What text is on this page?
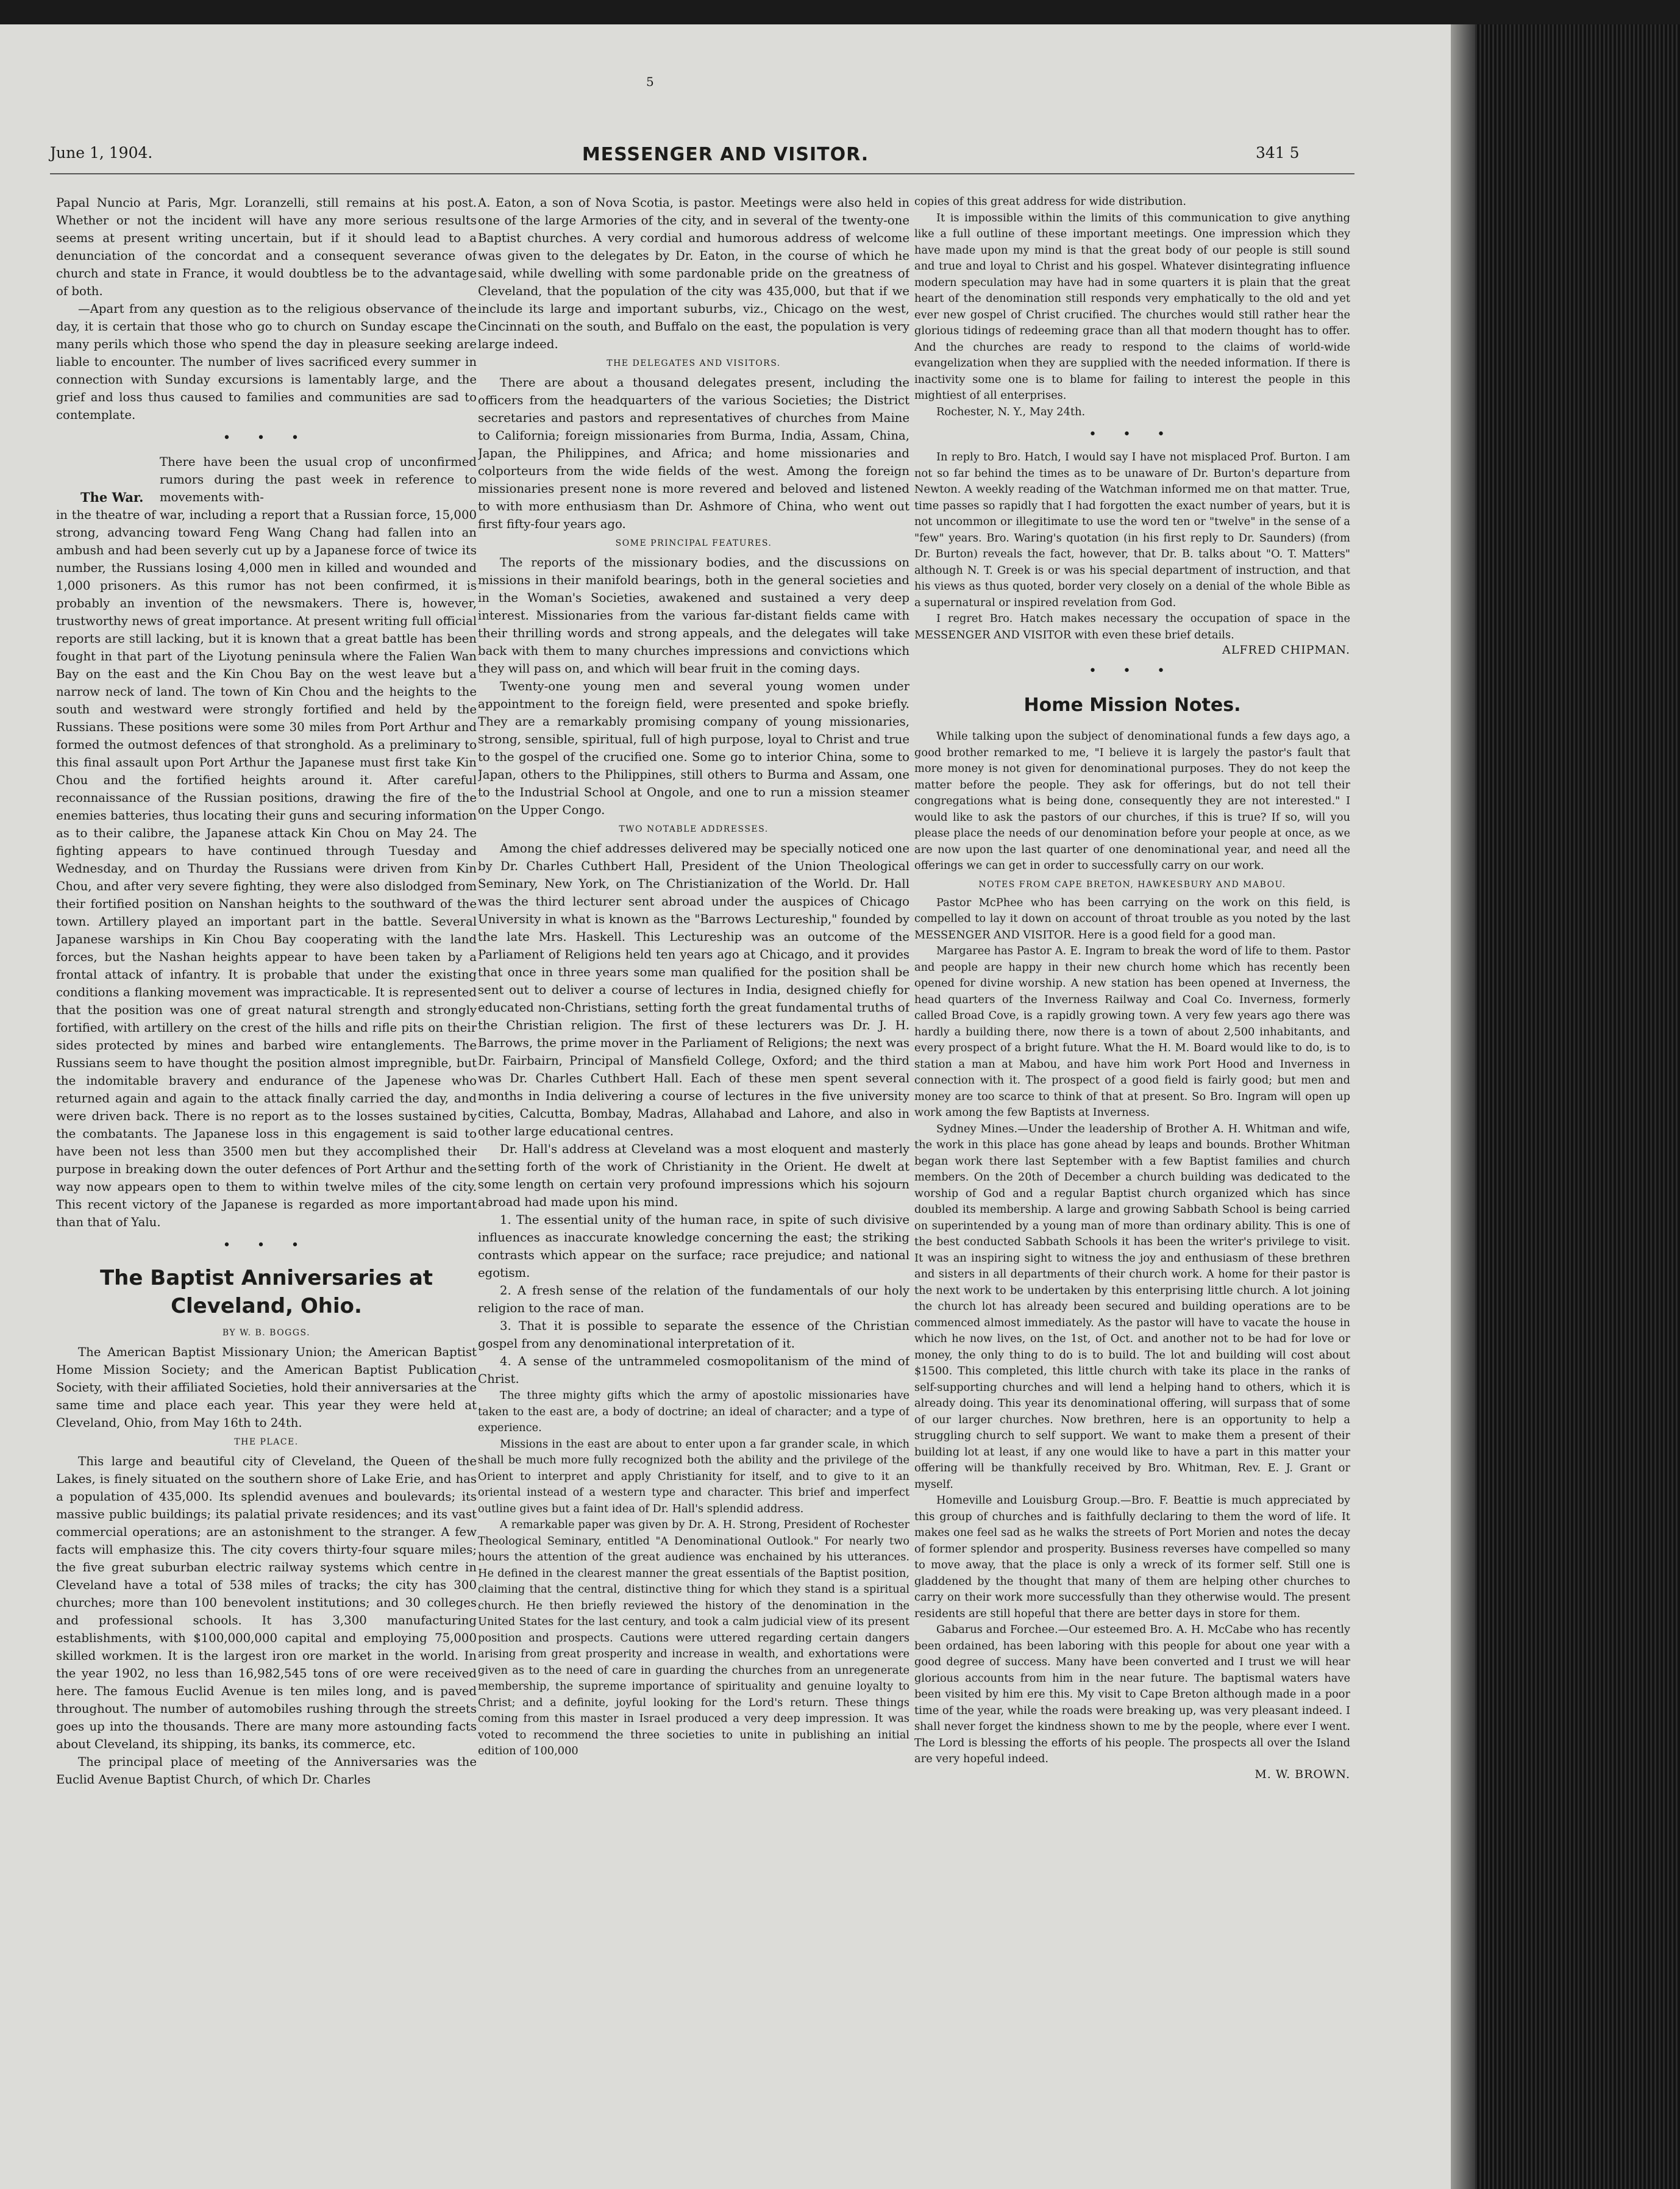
5
June 1, 1904.	MESSENGER AND VISITOR.	341 5

Papal Nuncio at Paris, Mgr. Loranzelli, still remains at his post. Whether or not the incident will have any more serious results seems at present writing uncertain, but if it should lead to a denunciation of the concordat and a consequent severance of church and state in France, it would doubtless be to the advantage of both.

—Apart from any question as to the religious observance of the day, it is certain that those who go to church on Sunday escape the many perils which those who spend the day in pleasure seeking are liable to encounter. The number of lives sacrificed every summer in connection with Sunday excursions is lamentably large, and the grief and loss thus caused to families and communities are sad to contemplate.

• • •
The War.

There have been the usual crop of unconfirmed rumors during the past week in reference to movements with-

in the theatre of war, including a report that a Russian force, 15,000 strong, advancing toward Feng Wang Chang had fallen into an ambush and had been severly cut up by a Japanese force of twice its number, the Russians losing 4,000 men in killed and wounded and 1,000 prisoners. As this rumor has not been confirmed, it is probably an invention of the newsmakers. There is, however, trustworthy news of great importance. At present writing full official reports are still lacking, but it is known that a great battle has been fought in that part of the Liyotung peninsula where the Falien Wan Bay on the east and the Kin Chou Bay on the west leave but a narrow neck of land. The town of Kin Chou and the heights to the south and westward were strongly fortified and held by the Russians. These positions were some 30 miles from Port Arthur and formed the outmost defences of that stronghold. As a preliminary to this final assault upon Port Arthur the Japanese must first take Kin Chou and the fortified heights around it. After careful reconnaissance of the Russian positions, drawing the fire of the enemies batteries, thus locating their guns and securing information as to their calibre, the Japanese attack Kin Chou on May 24. The fighting appears to have continued through Tuesday and Wednesday, and on Thurday the Russians were driven from Kin Chou, and after very severe fighting, they were also dislodged from their fortified position on Nanshan heights to the southward of the town. Artillery played an important part in the battle. Several Japanese warships in Kin Chou Bay cooperating with the land forces, but the Nashan heights appear to have been taken by a frontal attack of infantry. It is probable that under the existing conditions a flanking movement was impracticable. It is represented that the position was one of great natural strength and strongly fortified, with artillery on the crest of the hills and rifle pits on their sides protected by mines and barbed wire entanglements. The Russians seem to have thought the position almost impregnible, but the indomitable bravery and endurance of the Japenese who returned again and again to the attack finally carried the day, and were driven back. There is no report as to the losses sustained by the combatants. The Japanese loss in this engagement is said to have been not less than 3500 men but they accomplished their purpose in breaking down the outer defences of Port Arthur and the way now appears open to them to within twelve miles of the city. This recent victory of the Japanese is regarded as more important than that of Yalu.

• • •
The Baptist Anniversaries at Cleveland, Ohio.
BY W. B. BOGGS.

The American Baptist Missionary Union; the American Baptist Home Mission Society; and the American Baptist Publication Society, with their affiliated Societies, hold their anniversaries at the same time and place each year. This year they were held at Cleveland, Ohio, from May 16th to 24th.

THE PLACE.

This large and beautiful city of Cleveland, the Queen of the Lakes, is finely situated on the southern shore of Lake Erie, and has a population of 435,000. Its splendid avenues and boulevards; its massive public buildings; its palatial private residences; and its vast commercial operations; are an astonishment to the stranger. A few facts will emphasize this. The city covers thirty-four square miles; the five great suburban electric railway systems which centre in Cleveland have a total of 538 miles of tracks; the city has 300 churches; more than 100 benevolent institutions; and 30 colleges and professional schools. It has 3,300 manufacturing establishments, with $100,000,000 capital and employing 75,000 skilled workmen. It is the largest iron ore market in the world. In the year 1902, no less than 16,982,545 tons of ore were received here. The famous Euclid Avenue is ten miles long, and is paved throughout. The number of automobiles rushing through the streets goes up into the thousands. There are many more astounding facts about Cleveland, its shipping, its banks, its commerce, etc.

The principal place of meeting of the Anniversaries was the Euclid Avenue Baptist Church, of which Dr. Charles

A. Eaton, a son of Nova Scotia, is pastor. Meetings were also held in one of the large Armories of the city, and in several of the twenty-one Baptist churches. A very cordial and humorous address of welcome was given to the delegates by Dr. Eaton, in the course of which he said, while dwelling with some pardonable pride on the greatness of Cleveland, that the population of the city was 435,000, but that if we include its large and important suburbs, viz., Chicago on the west, Cincinnati on the south, and Buffalo on the east, the population is very large indeed.

THE DELEGATES AND VISITORS.

There are about a thousand delegates present, including the officers from the headquarters of the various Societies; the District secretaries and pastors and representatives of churches from Maine to California; foreign missionaries from Burma, India, Assam, China, Japan, the Philippines, and Africa; and home missionaries and colporteurs from the wide fields of the west. Among the foreign missionaries present none is more revered and beloved and listened to with more enthusiasm than Dr. Ashmore of China, who went out first fifty-four years ago.

SOME PRINCIPAL FEATURES.

The reports of the missionary bodies, and the discussions on missions in their manifold bearings, both in the general societies and in the Woman's Societies, awakened and sustained a very deep interest. Missionaries from the various far-distant fields came with their thrilling words and strong appeals, and the delegates will take back with them to many churches impressions and convictions which they will pass on, and which will bear fruit in the coming days.

Twenty-one young men and several young women under appointment to the foreign field, were presented and spoke briefly. They are a remarkably promising company of young missionaries, strong, sensible, spiritual, full of high purpose, loyal to Christ and true to the gospel of the crucified one. Some go to interior China, some to Japan, others to the Philippines, still others to Burma and Assam, one to the Industrial School at Ongole, and one to run a mission steamer on the Upper Congo.

TWO NOTABLE ADDRESSES.

Among the chief addresses delivered may be specially noticed one by Dr. Charles Cuthbert Hall, President of the Union Theological Seminary, New York, on The Christianization of the World. Dr. Hall was the third lecturer sent abroad under the auspices of Chicago University in what is known as the "Barrows Lectureship," founded by the late Mrs. Haskell. This Lectureship was an outcome of the Parliament of Religions held ten years ago at Chicago, and it provides that once in three years some man qualified for the position shall be sent out to deliver a course of lectures in India, designed chiefly for educated non-Christians, setting forth the great fundamental truths of the Christian religion. The first of these lecturers was Dr. J. H. Barrows, the prime mover in the Parliament of Religions; the next was Dr. Fairbairn, Principal of Mansfield College, Oxford; and the third was Dr. Charles Cuthbert Hall. Each of these men spent several months in India delivering a course of lectures in the five university cities, Calcutta, Bombay, Madras, Allahabad and Lahore, and also in other large educational centres.

Dr. Hall's address at Cleveland was a most eloquent and masterly setting forth of the work of Christianity in the Orient. He dwelt at some length on certain very profound impressions which his sojourn abroad had made upon his mind.

1. The essential unity of the human race, in spite of such divisive influences as inaccurate knowledge concerning the east; the striking contrasts which appear on the surface; race prejudice; and national egotism.

2. A fresh sense of the relation of the fundamentals of our holy religion to the race of man.

3. That it is possible to separate the essence of the Christian gospel from any denominational interpretation of it.

4. A sense of the untrammeled cosmopolitanism of the mind of Christ.

The three mighty gifts which the army of apostolic missionaries have taken to the east are, a body of doctrine; an ideal of character; and a type of experience.

Missions in the east are about to enter upon a far grander scale, in which shall be much more fully recognized both the ability and the privilege of the Orient to interpret and apply Christianity for itself, and to give to it an oriental instead of a western type and character. This brief and imperfect outline gives but a faint idea of Dr. Hall's splendid address.

A remarkable paper was given by Dr. A. H. Strong, President of Rochester Theological Seminary, entitled "A Denominational Outlook." For nearly two hours the attention of the great audience was enchained by his utterances. He defined in the clearest manner the great essentials of the Baptist position, claiming that the central, distinctive thing for which they stand is a spiritual church. He then briefly reviewed the history of the denomination in the United States for the last century, and took a calm judicial view of its present position and prospects. Cautions were uttered regarding certain dangers arising from great prosperity and increase in wealth, and exhortations were given as to the need of care in guarding the churches from an unregenerate membership, the supreme importance of spirituality and genuine loyalty to Christ; and a definite, joyful looking for the Lord's return. These things coming from this master in Israel produced a very deep impression. It was voted to recommend the three societies to unite in publishing an initial edition of 100,000

copies of this great address for wide distribution.

It is impossible within the limits of this communication to give anything like a full outline of these important meetings. One impression which they have made upon my mind is that the great body of our people is still sound and true and loyal to Christ and his gospel. Whatever disintegrating influence modern speculation may have had in some quarters it is plain that the great heart of the denomination still responds very emphatically to the old and yet ever new gospel of Christ crucified. The churches would still rather hear the glorious tidings of redeeming grace than all that modern thought has to offer. And the churches are ready to respond to the claims of world-wide evangelization when they are supplied with the needed information. If there is inactivity some one is to blame for failing to interest the people in this mightiest of all enterprises.

Rochester, N. Y., May 24th.

• • •

In reply to Bro. Hatch, I would say I have not misplaced Prof. Burton. I am not so far behind the times as to be unaware of Dr. Burton's departure from Newton. A weekly reading of the Watchman informed me on that matter. True, time passes so rapidly that I had forgotten the exact number of years, but it is not uncommon or illegitimate to use the word ten or "twelve" in the sense of a "few" years. Bro. Waring's quotation (in his first reply to Dr. Saunders) (from Dr. Burton) reveals the fact, however, that Dr. B. talks about "O. T. Matters" although N. T. Greek is or was his special department of instruction, and that his views as thus quoted, border very closely on a denial of the whole Bible as a supernatural or inspired revelation from God.

I regret Bro. Hatch makes necessary the occupation of space in the MESSENGER AND VISITOR with even these brief details.

ALFRED CHIPMAN.
• • •
Home Mission Notes.

While talking upon the subject of denominational funds a few days ago, a good brother remarked to me, "I believe it is largely the pastor's fault that more money is not given for denominational purposes. They do not keep the matter before the people. They ask for offerings, but do not tell their congregations what is being done, consequently they are not interested." I would like to ask the pastors of our churches, if this is true? If so, will you please place the needs of our denomination before your people at once, as we are now upon the last quarter of one denominational year, and need all the offerings we can get in order to successfully carry on our work.

NOTES FROM CAPE BRETON, HAWKESBURY AND MABOU.

Pastor McPhee who has been carrying on the work on this field, is compelled to lay it down on account of throat trouble as you noted by the last MESSENGER AND VISITOR. Here is a good field for a good man.

Margaree has Pastor A. E. Ingram to break the word of life to them. Pastor and people are happy in their new church home which has recently been opened for divine worship. A new station has been opened at Inverness, the head quarters of the Inverness Railway and Coal Co. Inverness, formerly called Broad Cove, is a rapidly growing town. A very few years ago there was hardly a building there, now there is a town of about 2,500 inhabitants, and every prospect of a bright future. What the H. M. Board would like to do, is to station a man at Mabou, and have him work Port Hood and Inverness in connection with it. The prospect of a good field is fairly good; but men and money are too scarce to think of that at present. So Bro. Ingram will open up work among the few Baptists at Inverness.

Sydney Mines.—Under the leadership of Brother A. H. Whitman and wife, the work in this place has gone ahead by leaps and bounds. Brother Whitman began work there last September with a few Baptist families and church members. On the 20th of December a church building was dedicated to the worship of God and a regular Baptist church organized which has since doubled its membership. A large and growing Sabbath School is being carried on superintended by a young man of more than ordinary ability. This is one of the best conducted Sabbath Schools it has been the writer's privilege to visit. It was an inspiring sight to witness the joy and enthusiasm of these brethren and sisters in all departments of their church work. A home for their pastor is the next work to be undertaken by this enterprising little church. A lot joining the church lot has already been secured and building operations are to be commenced almost immediately. As the pastor will have to vacate the house in which he now lives, on the 1st, of Oct. and another not to be had for love or money, the only thing to do is to build. The lot and building will cost about $1500. This completed, this little church with take its place in the ranks of self-supporting churches and will lend a helping hand to others, which it is already doing. This year its denominational offering, will surpass that of some of our larger churches. Now brethren, here is an opportunity to help a struggling church to self support. We want to make them a present of their building lot at least, if any one would like to have a part in this matter your offering will be thankfully received by Bro. Whitman, Rev. E. J. Grant or myself.

Homeville and Louisburg Group.—Bro. F. Beattie is much appreciated by this group of churches and is faithfully declaring to them the word of life. It makes one feel sad as he walks the streets of Port Morien and notes the decay of former splendor and prosperity. Business reverses have compelled so many to move away, that the place is only a wreck of its former self. Still one is gladdened by the thought that many of them are helping other churches to carry on their work more successfully than they otherwise would. The present residents are still hopeful that there are better days in store for them.

Gabarus and Forchee.—Our esteemed Bro. A. H. McCabe who has recently been ordained, has been laboring with this people for about one year with a good degree of success. Many have been converted and I trust we will hear glorious accounts from him in the near future. The baptismal waters have been visited by him ere this. My visit to Cape Breton although made in a poor time of the year, while the roads were breaking up, was very pleasant indeed. I shall never forget the kindness shown to me by the people, where ever I went. The Lord is blessing the efforts of his people. The prospects all over the Island are very hopeful indeed.

M. W. BROWN.
